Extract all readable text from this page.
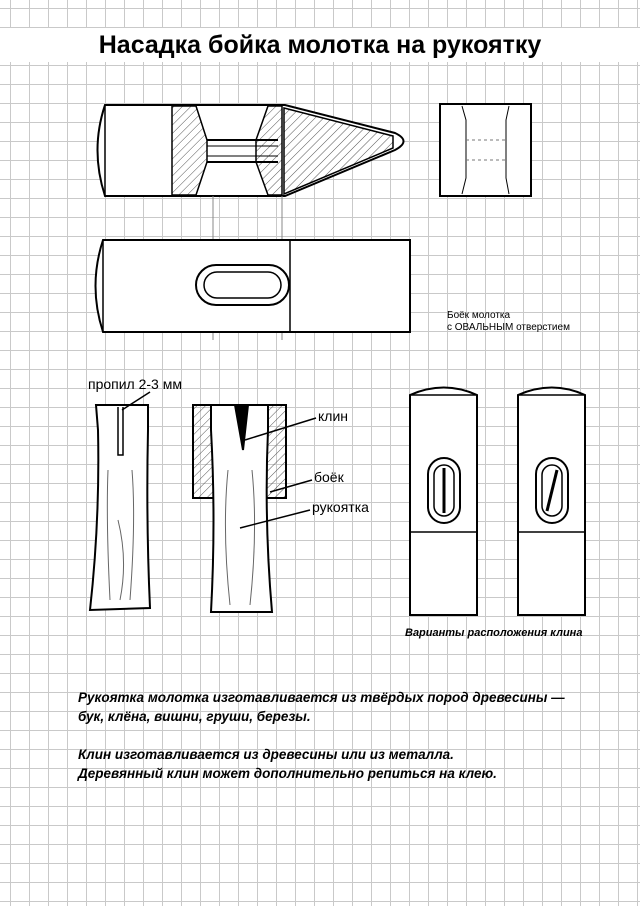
Насадка бойка молотка на рукоятку
Боёк молотка
с ОВАЛЬНЫМ отверстием
пропил 2-3 мм
клин
боёк
рукоятка
Варианты расположения клина

Рукоятка молотка изготавливается из твёрдых пород древесины —

бук, клёна, вишни, груши, березы.

Клин изготавливается из древесины или из металла.

Деревянный клин может дополнительно репиться на клею.
